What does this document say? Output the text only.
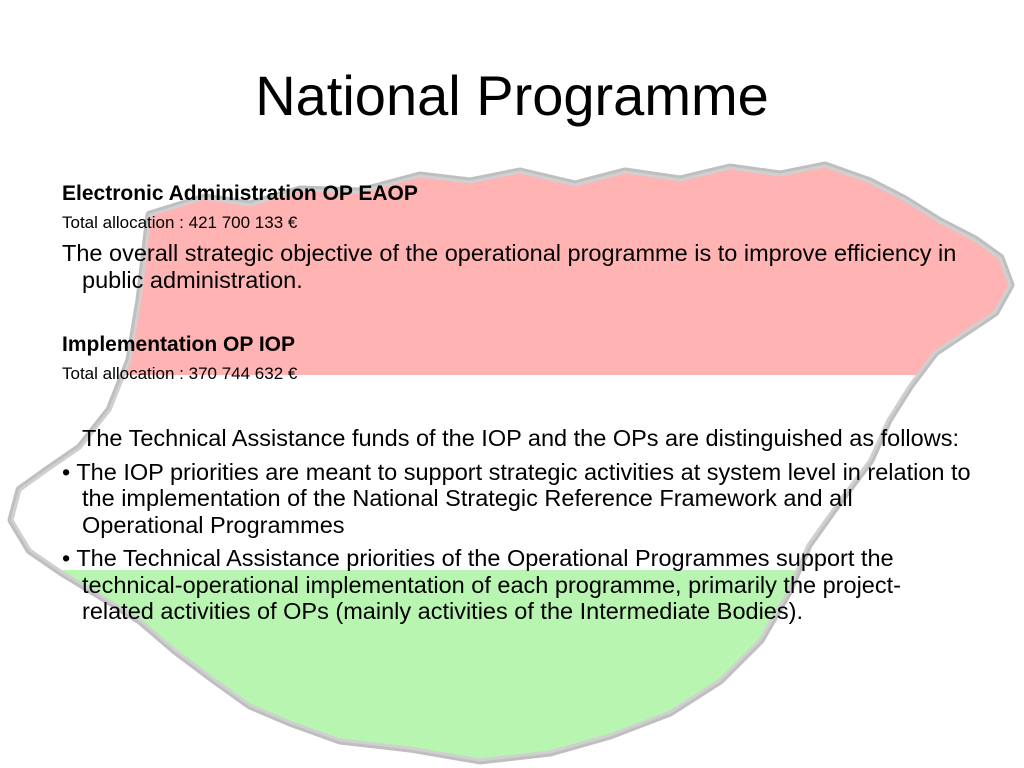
National Programme
Electronic Administration OP EAOP
Total allocation : 421 700 133 €
The overall strategic objective of the operational programme is to improve efficiency in public administration.
Implementation OP IOP
Total allocation : 370 744 632 €
The Technical Assistance funds of the IOP and the OPs are distinguished as follows:
• The IOP priorities are meant to support strategic activities at system level in relation to the implementation of the National Strategic Reference Framework and all Operational Programmes
• The Technical Assistance priorities of the Operational Programmes support the technical-operational implementation of each programme, primarily the project-related activities of OPs (mainly activities of the Intermediate Bodies).
